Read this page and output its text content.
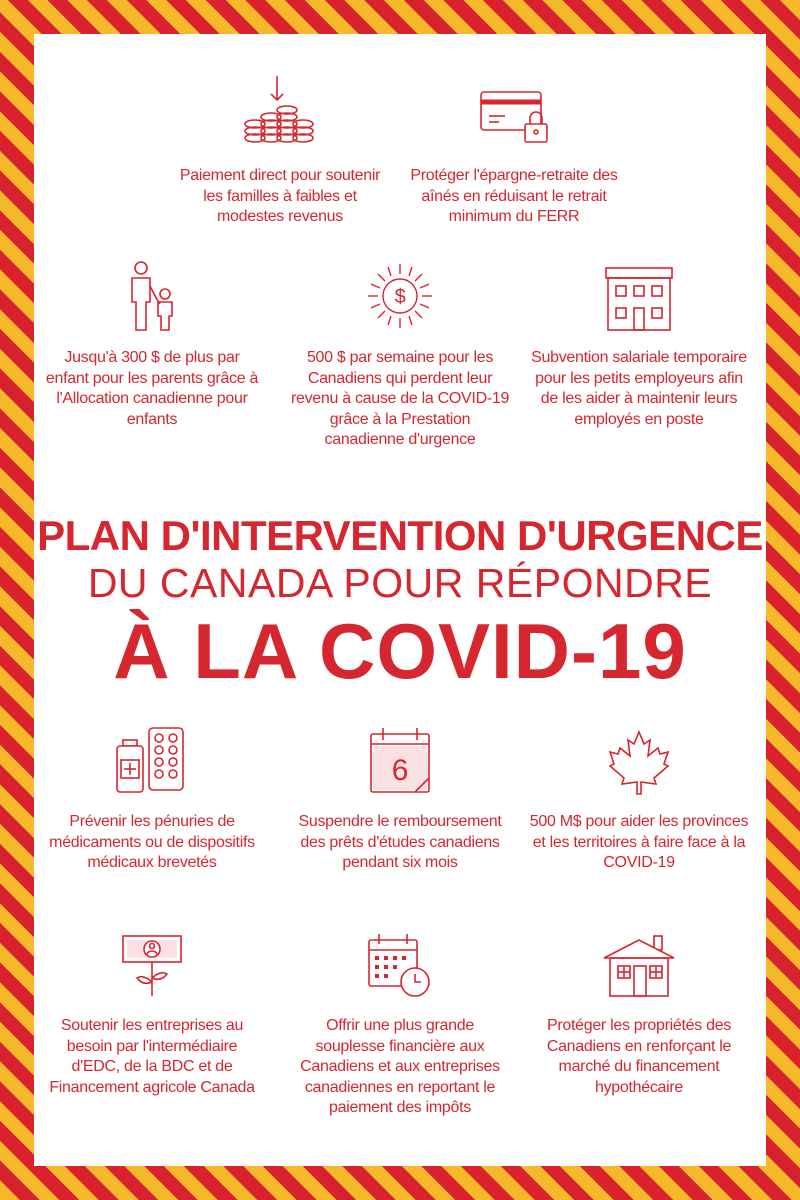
Paiement direct pour soutenir les familles à faibles et modestes revenus
Protéger l'épargne-retraite des aînés en réduisant le retrait minimum du FERR
Jusqu'à 300 $ de plus par enfant pour les parents grâce à l'Allocation canadienne pour enfants
$
500 $ par semaine pour les Canadiens qui perdent leur revenu à cause de la COVID-19 grâce à la Prestation canadienne d'urgence
Subvention salariale temporaire pour les petits employeurs afin de les aider à maintenir leurs employés en poste
PLAN D'INTERVENTION D'URGENCE
DU CANADA POUR RÉPONDRE
À LA COVID-19
Prévenir les pénuries de médicaments ou de dispositifs médicaux brevetés
6
Suspendre le remboursement des prêts d'études canadiens pendant six mois
500 M$ pour aider les provinces et les territoires à faire face à la COVID-19
Soutenir les entreprises au besoin par l'intermédiaire d'EDC, de la BDC et de Financement agricole Canada
Offrir une plus grande souplesse financière aux Canadiens et aux entreprises canadiennes en reportant le paiement des impôts
Protéger les propriétés des Canadiens en renforçant le marché du financement hypothécaire
